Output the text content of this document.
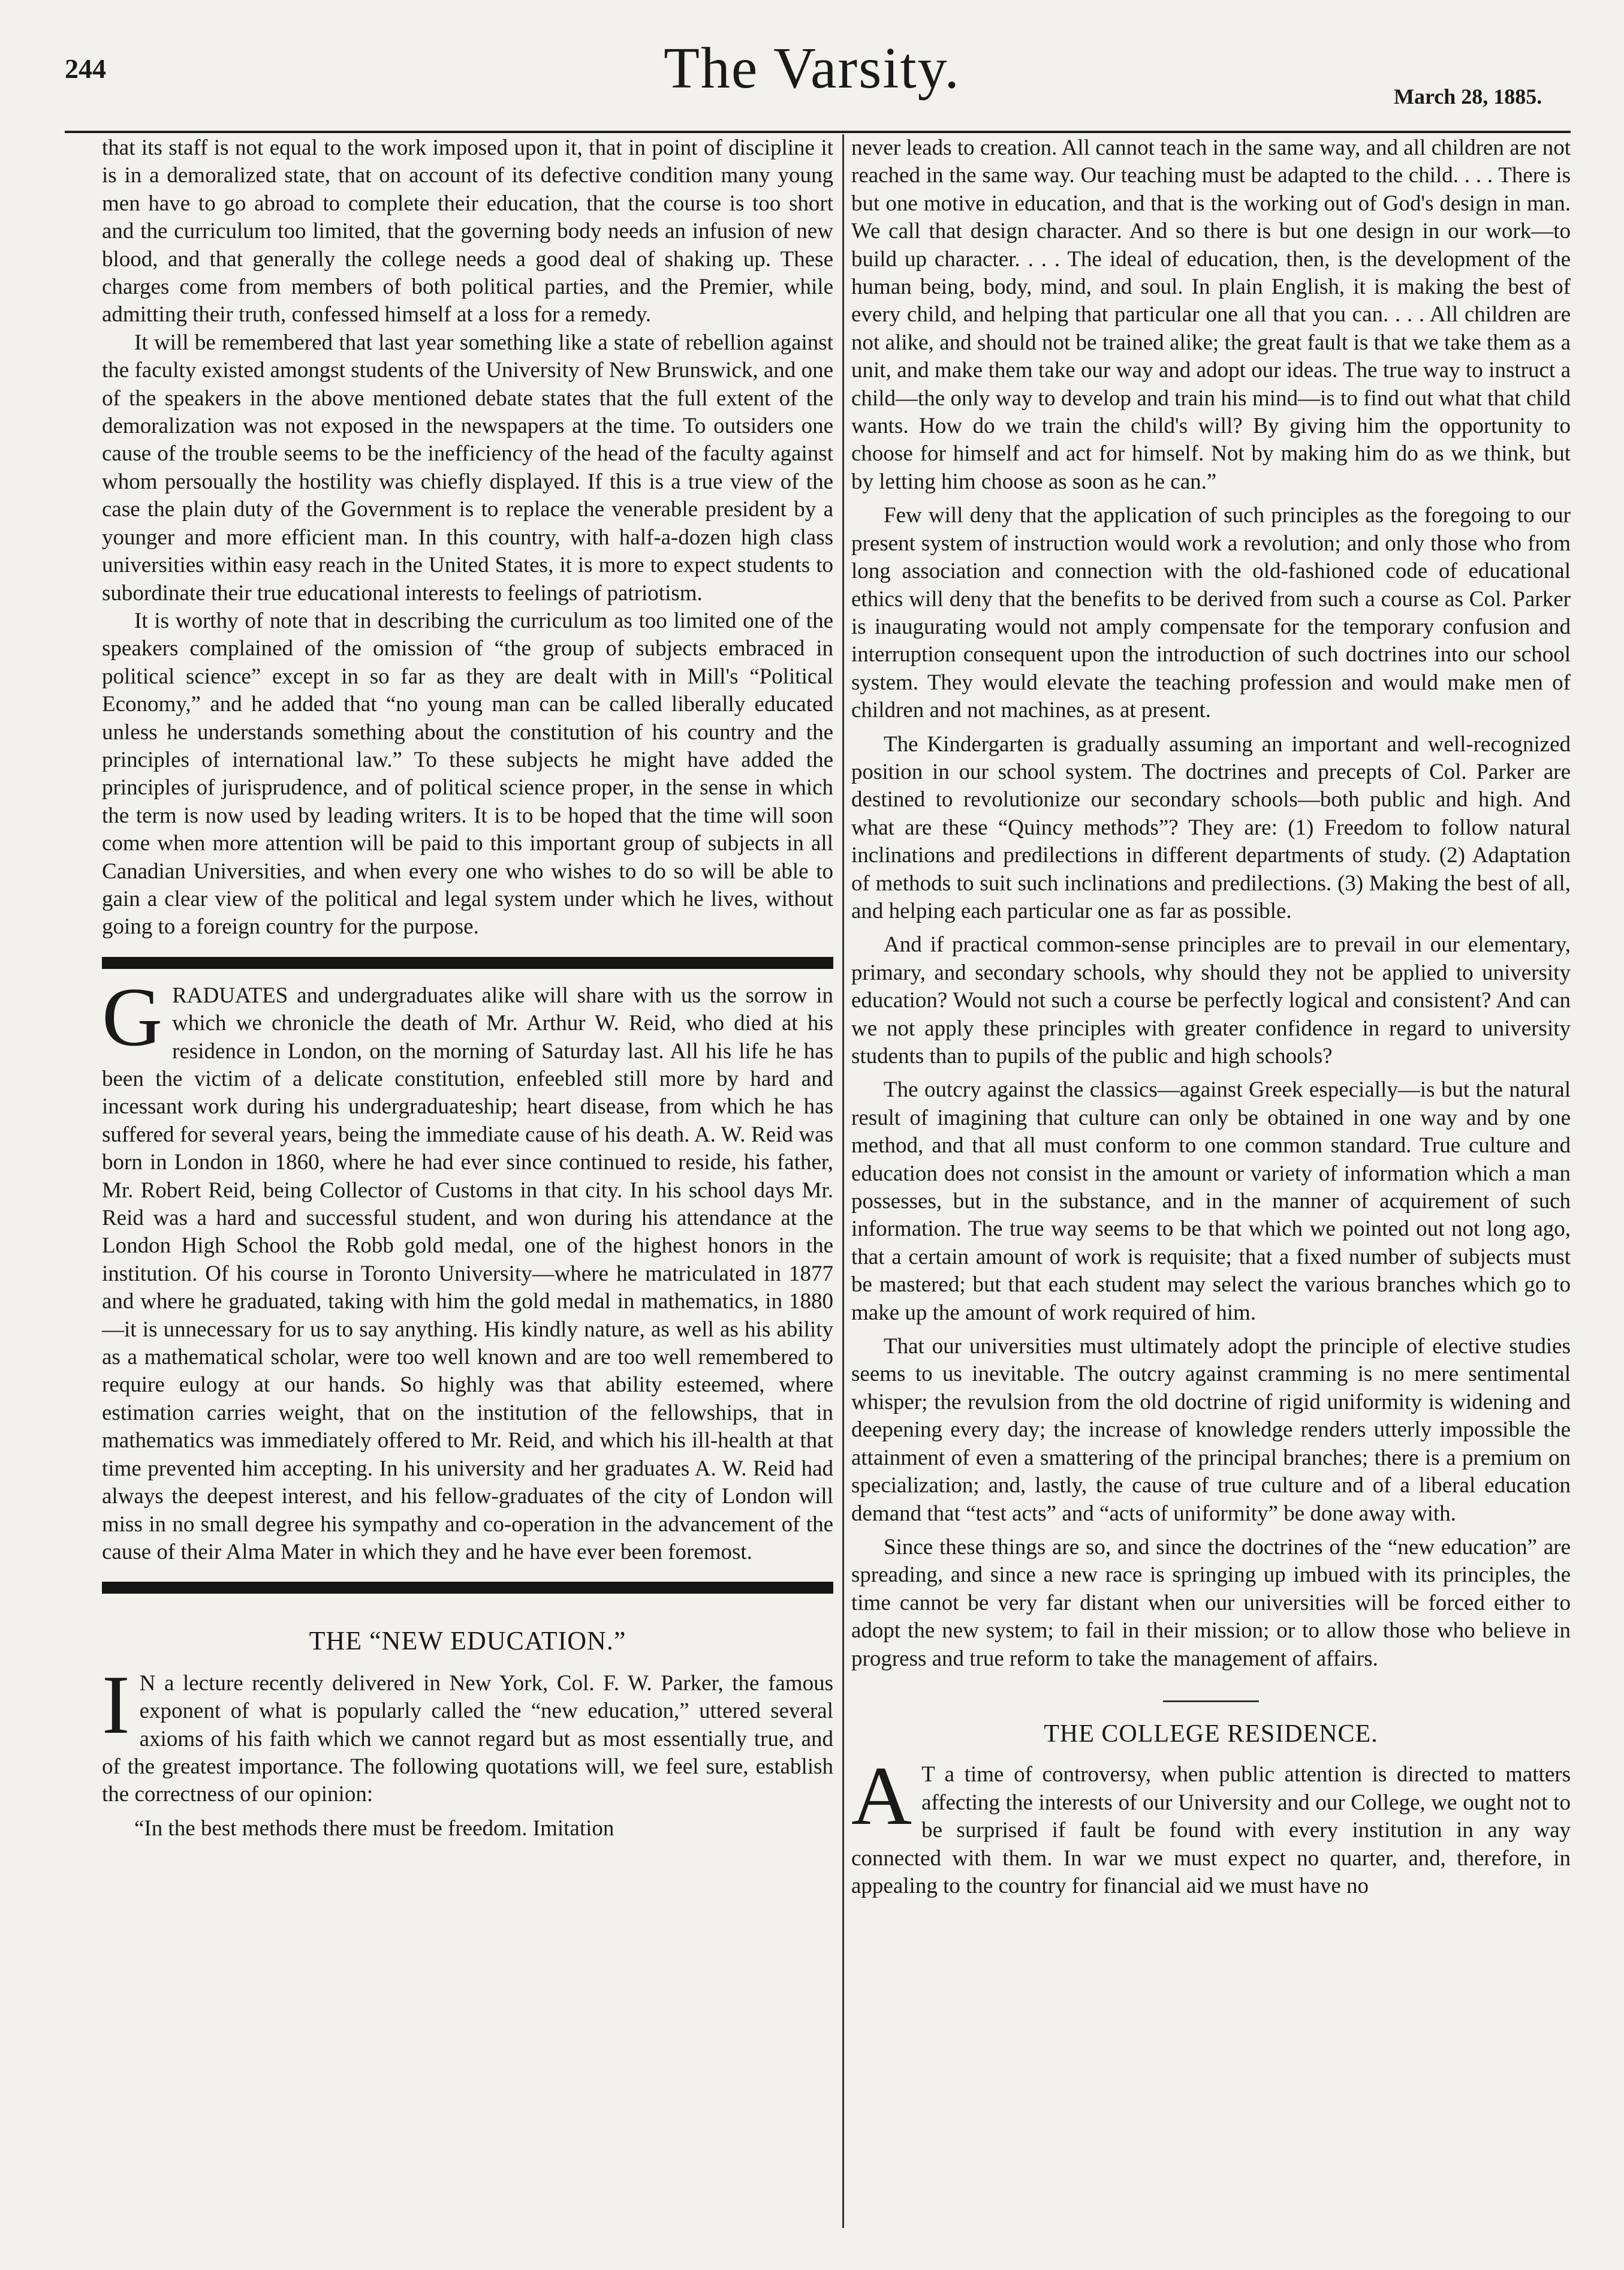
244	The Varsity.	March 28, 1885.

that its staff is not equal to the work imposed upon it, that in point of discipline it is in a demoralized state, that on account of its defective condition many young men have to go abroad to complete their education, that the course is too short and the curriculum too limited, that the governing body needs an infusion of new blood, and that generally the college needs a good deal of shaking up. These charges come from members of both political parties, and the Premier, while admitting their truth, confessed himself at a loss for a remedy.

It will be remembered that last year something like a state of rebellion against the faculty existed amongst students of the University of New Brunswick, and one of the speakers in the above mentioned debate states that the full extent of the demoralization was not exposed in the newspapers at the time. To outsiders one cause of the trouble seems to be the inefficiency of the head of the faculty against whom persoually the hostility was chiefly displayed. If this is a true view of the case the plain duty of the Government is to replace the venerable president by a younger and more efficient man. In this country, with half-a-dozen high class universities within easy reach in the United States, it is more to expect students to subordinate their true educational interests to feelings of patriotism.

It is worthy of note that in describing the curriculum as too limited one of the speakers complained of the omission of “the group of subjects embraced in political science” except in so far as they are dealt with in Mill's “Political Economy,” and he added that “no young man can be called liberally educated unless he understands something about the constitution of his country and the principles of international law.” To these subjects he might have added the principles of jurisprudence, and of political science proper, in the sense in which the term is now used by leading writers. It is to be hoped that the time will soon come when more attention will be paid to this important group of subjects in all Canadian Universities, and when every one who wishes to do so will be able to gain a clear view of the political and legal system under which he lives, without going to a foreign country for the purpose.

GRADUATES and undergraduates alike will share with us the sorrow in which we chronicle the death of Mr. Arthur W. Reid, who died at his residence in London, on the morning of Saturday last. All his life he has been the victim of a delicate constitution, enfeebled still more by hard and incessant work during his undergraduateship; heart disease, from which he has suffered for several years, being the immediate cause of his death. A. W. Reid was born in London in 1860, where he had ever since continued to reside, his father, Mr. Robert Reid, being Collector of Customs in that city. In his school days Mr. Reid was a hard and successful student, and won during his attendance at the London High School the Robb gold medal, one of the highest honors in the institution. Of his course in Toronto University—where he matriculated in 1877 and where he graduated, taking with him the gold medal in mathematics, in 1880—it is unnecessary for us to say anything. His kindly nature, as well as his ability as a mathematical scholar, were too well known and are too well remembered to require eulogy at our hands. So highly was that ability esteemed, where estimation carries weight, that on the institution of the fellowships, that in mathematics was immediately offered to Mr. Reid, and which his ill-health at that time prevented him accepting. In his university and her graduates A. W. Reid had always the deepest interest, and his fellow-graduates of the city of London will miss in no small degree his sympathy and co-operation in the advancement of the cause of their Alma Mater in which they and he have ever been foremost.

THE “NEW EDUCATION.”

I N a lecture recently delivered in New York, Col. F. W. Parker, the famous exponent of what is popularly called the “new education,” uttered several axioms of his faith which we cannot regard but as most essentially true, and of the greatest importance. The following quotations will, we feel sure, establish the correctness of our opinion:

“In the best methods there must be freedom. Imitation

never leads to creation. All cannot teach in the same way, and all children are not reached in the same way. Our teaching must be adapted to the child. . . . There is but one motive in education, and that is the working out of God's design in man. We call that design character. And so there is but one design in our work—to build up character. . . . The ideal of education, then, is the development of the human being, body, mind, and soul. In plain English, it is making the best of every child, and helping that particular one all that you can. . . . All children are not alike, and should not be trained alike; the great fault is that we take them as a unit, and make them take our way and adopt our ideas. The true way to instruct a child—the only way to develop and train his mind—is to find out what that child wants. How do we train the child's will? By giving him the opportunity to choose for himself and act for himself. Not by making him do as we think, but by letting him choose as soon as he can.”

Few will deny that the application of such principles as the foregoing to our present system of instruction would work a revolution; and only those who from long association and connection with the old-fashioned code of educational ethics will deny that the benefits to be derived from such a course as Col. Parker is inaugurating would not amply compensate for the temporary confusion and interruption consequent upon the introduction of such doctrines into our school system. They would elevate the teaching profession and would make men of children and not machines, as at present.

The Kindergarten is gradually assuming an important and well-recognized position in our school system. The doctrines and precepts of Col. Parker are destined to revolutionize our secondary schools—both public and high. And what are these “Quincy methods”? They are: (1) Freedom to follow natural inclinations and predilections in different departments of study. (2) Adaptation of methods to suit such inclinations and predilections. (3) Making the best of all, and helping each particular one as far as possible.

And if practical common-sense principles are to prevail in our elementary, primary, and secondary schools, why should they not be applied to university education? Would not such a course be perfectly logical and consistent? And can we not apply these principles with greater confidence in regard to university students than to pupils of the public and high schools?

The outcry against the classics—against Greek especially—is but the natural result of imagining that culture can only be obtained in one way and by one method, and that all must conform to one common standard. True culture and education does not consist in the amount or variety of information which a man possesses, but in the substance, and in the manner of acquirement of such information. The true way seems to be that which we pointed out not long ago, that a certain amount of work is requisite; that a fixed number of subjects must be mastered; but that each student may select the various branches which go to make up the amount of work required of him.

That our universities must ultimately adopt the principle of elective studies seems to us inevitable. The outcry against cramming is no mere sentimental whisper; the revulsion from the old doctrine of rigid uniformity is widening and deepening every day; the increase of knowledge renders utterly impossible the attainment of even a smattering of the principal branches; there is a premium on specialization; and, lastly, the cause of true culture and of a liberal education demand that “test acts” and “acts of uniformity” be done away with.

Since these things are so, and since the doctrines of the “new education” are spreading, and since a new race is springing up imbued with its principles, the time cannot be very far distant when our universities will be forced either to adopt the new system; to fail in their mission; or to allow those who believe in progress and true reform to take the management of affairs.

THE COLLEGE RESIDENCE.

A T a time of controversy, when public attention is directed to matters affecting the interests of our University and our College, we ought not to be surprised if fault be found with every institution in any way connected with them. In war we must expect no quarter, and, therefore, in appealing to the country for financial aid we must have no
